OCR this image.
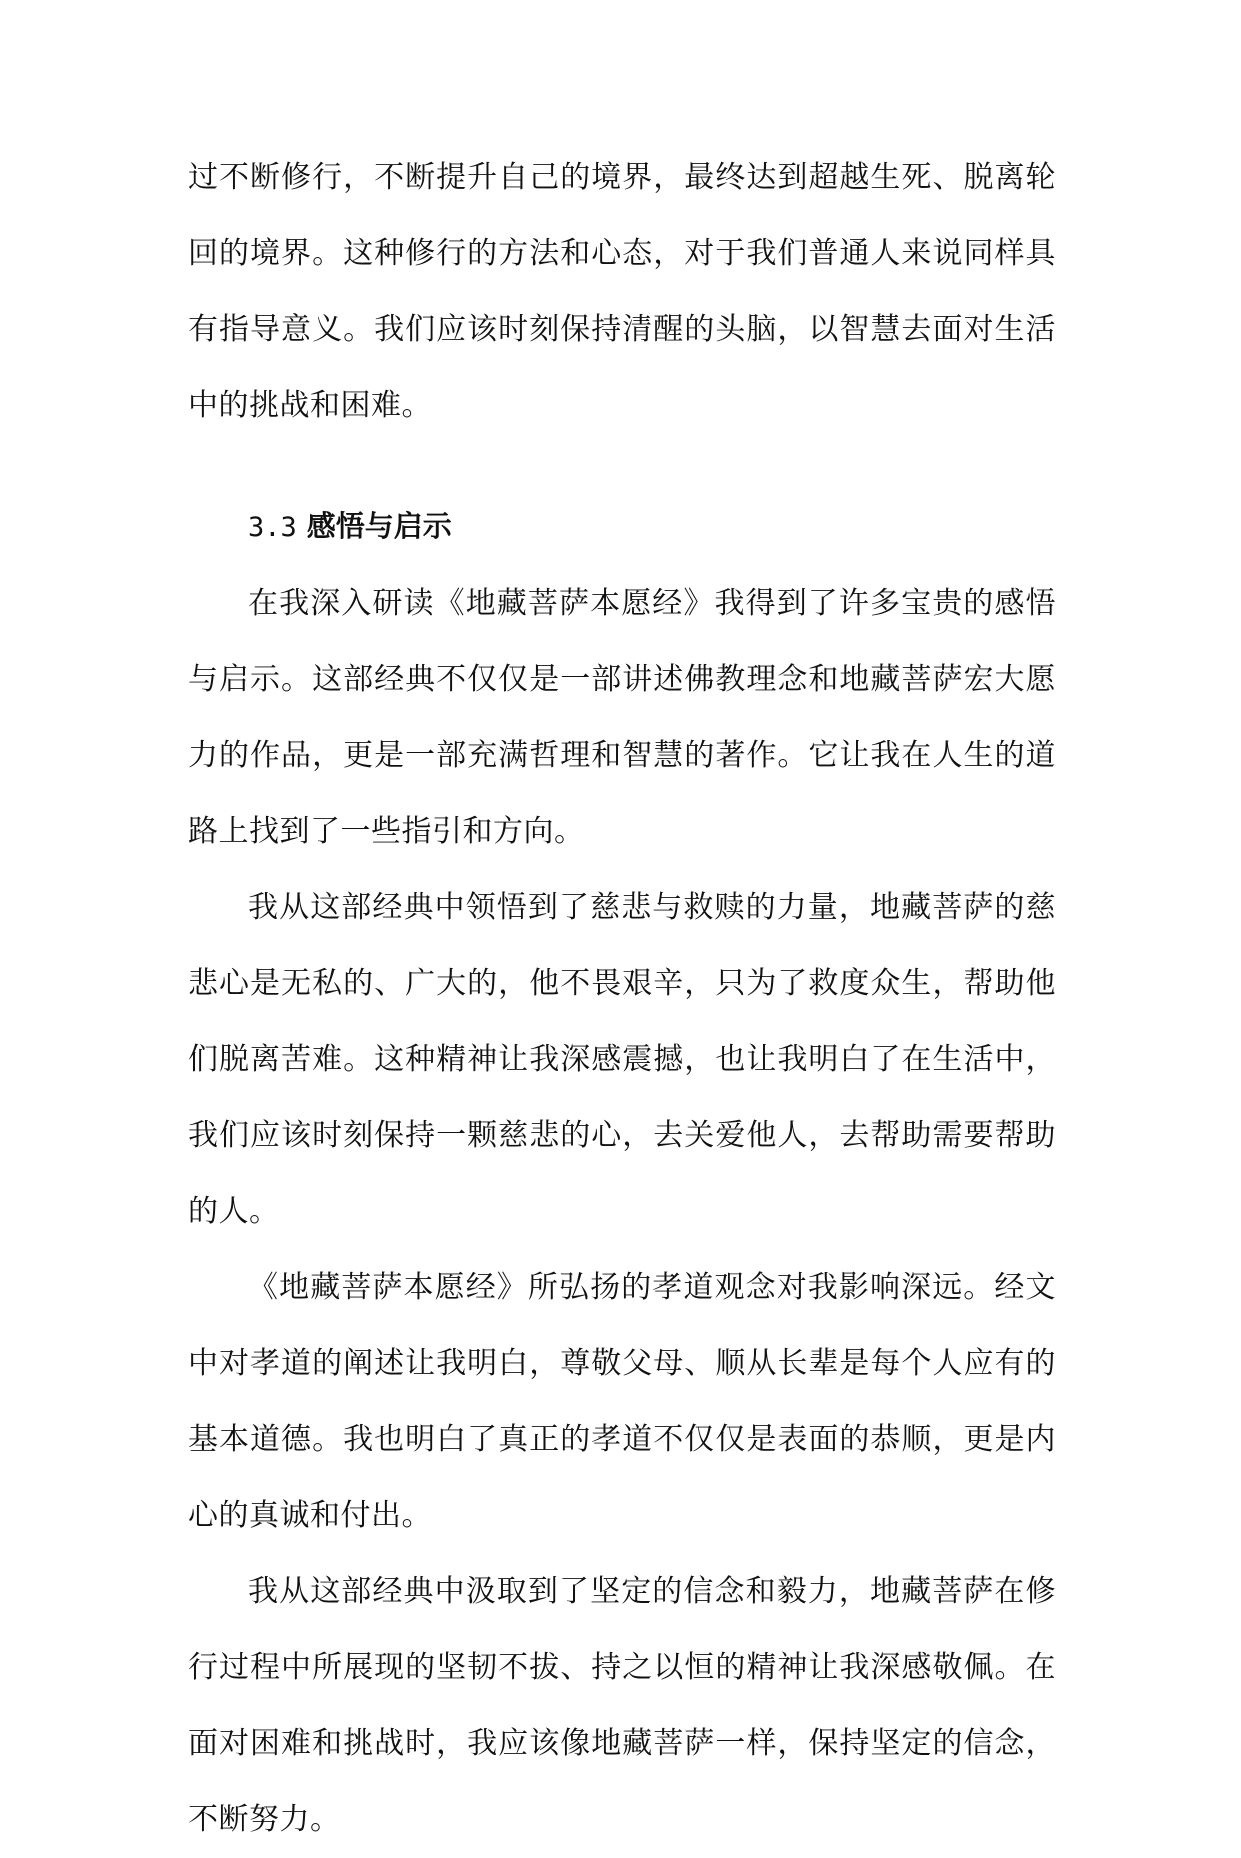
过不断修行，不断提升自己的境界，最终达到超越生死、脱离轮回的境界。这种修行的方法和心态，对于我们普通人来说同样具有指导意义。我们应该时刻保持清醒的头脑，以智慧去面对生活中的挑战和困难。

3.3 感悟与启示

在我深入研读《地藏菩萨本愿经》我得到了许多宝贵的感悟与启示。这部经典不仅仅是一部讲述佛教理念和地藏菩萨宏大愿力的作品，更是一部充满哲理和智慧的著作。它让我在人生的道路上找到了一些指引和方向。

我从这部经典中领悟到了慈悲与救赎的力量，地藏菩萨的慈悲心是无私的、广大的，他不畏艰辛，只为了救度众生，帮助他们脱离苦难。这种精神让我深感震撼，也让我明白了在生活中，我们应该时刻保持一颗慈悲的心，去关爱他人，去帮助需要帮助的人。

《地藏菩萨本愿经》所弘扬的孝道观念对我影响深远。经文中对孝道的阐述让我明白，尊敬父母、顺从长辈是每个人应有的基本道德。我也明白了真正的孝道不仅仅是表面的恭顺，更是内心的真诚和付出。

我从这部经典中汲取到了坚定的信念和毅力，地藏菩萨在修行过程中所展现的坚韧不拔、持之以恒的精神让我深感敬佩。在面对困难和挑战时，我应该像地藏菩萨一样，保持坚定的信念，不断努力。
